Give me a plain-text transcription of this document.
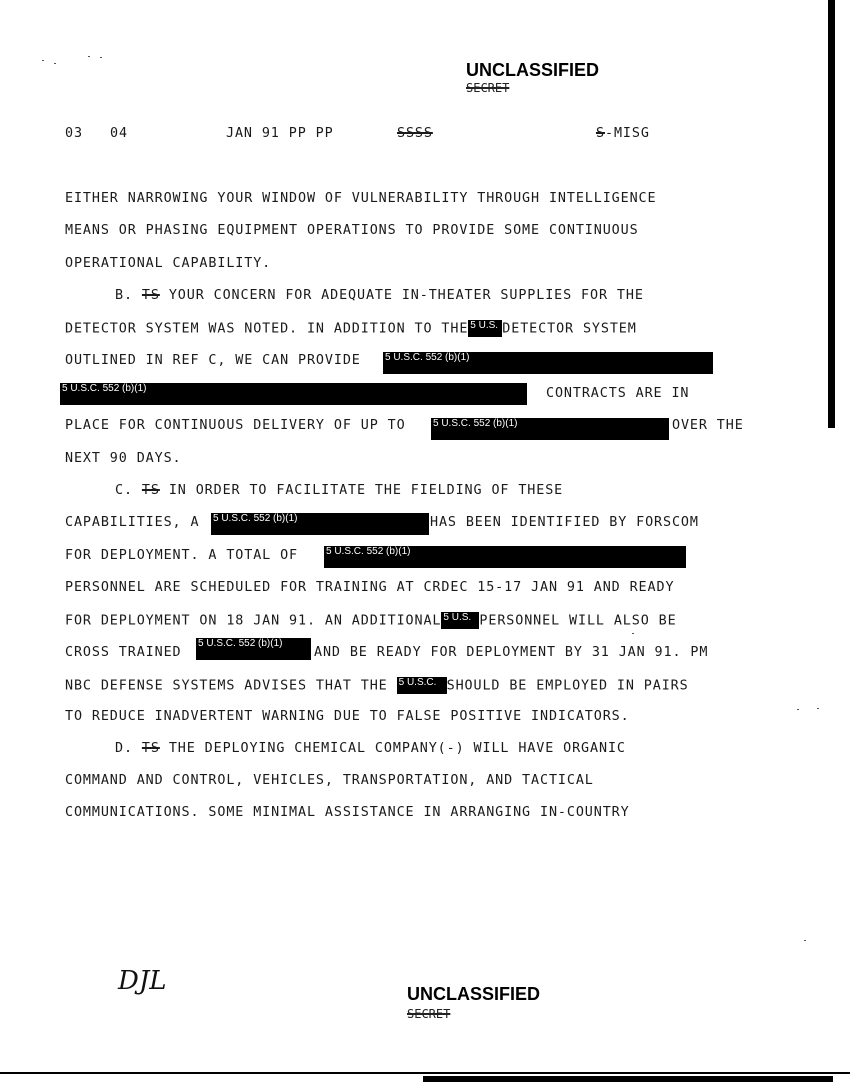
UNCLASSIFIED
SECRET
03 04	JAN 91 PP PP	SSSS	S-MISG
EITHER NARROWING YOUR WINDOW OF VULNERABILITY THROUGH INTELLIGENCE
MEANS OR PHASING EQUIPMENT OPERATIONS TO PROVIDE SOME CONTINUOUS
OPERATIONAL CAPABILITY.
B. TS YOUR CONCERN FOR ADEQUATE IN-THEATER SUPPLIES FOR THE
DETECTOR SYSTEM WAS NOTED. IN ADDITION TO THE 5 U.S. DETECTOR SYSTEM
OUTLINED IN REF C, WE CAN PROVIDE 5 U.S.C. 552 (b)(1)
5 U.S.C. 552 (b)(1)	CONTRACTS ARE IN
PLACE FOR CONTINUOUS DELIVERY OF UP TO	5 U.S.C. 552 (b)(1)	OVER THE
NEXT 90 DAYS.
C. TS IN ORDER TO FACILITATE THE FIELDING OF THESE
CAPABILITIES, A 5 U.S.C. 552 (b)(1)	HAS BEEN IDENTIFIED BY FORSCOM
FOR DEPLOYMENT. A TOTAL OF	5 U.S.C. 552 (b)(1)
PERSONNEL ARE SCHEDULED FOR TRAINING AT CRDEC 15-17 JAN 91 AND READY
FOR DEPLOYMENT ON 18 JAN 91. AN ADDITIONAL 5 U.S. PERSONNEL WILL ALSO BE
CROSS TRAINED
5 U.S.C. 552 (b)(1)
AND BE READY FOR DEPLOYMENT BY 31 JAN 91. PM
NBC DEFENSE SYSTEMS ADVISES THAT THE 5 U.S.C. SHOULD BE EMPLOYED IN PAIRS
TO REDUCE INADVERTENT WARNING DUE TO FALSE POSITIVE INDICATORS.
D. TS THE DEPLOYING CHEMICAL COMPANY(-) WILL HAVE ORGANIC
COMMAND AND CONTROL, VEHICLES, TRANSPORTATION, AND TACTICAL
COMMUNICATIONS. SOME MINIMAL ASSISTANCE IN ARRANGING IN-COUNTRY
DJL	UNCLASSIFIED
SECRET
